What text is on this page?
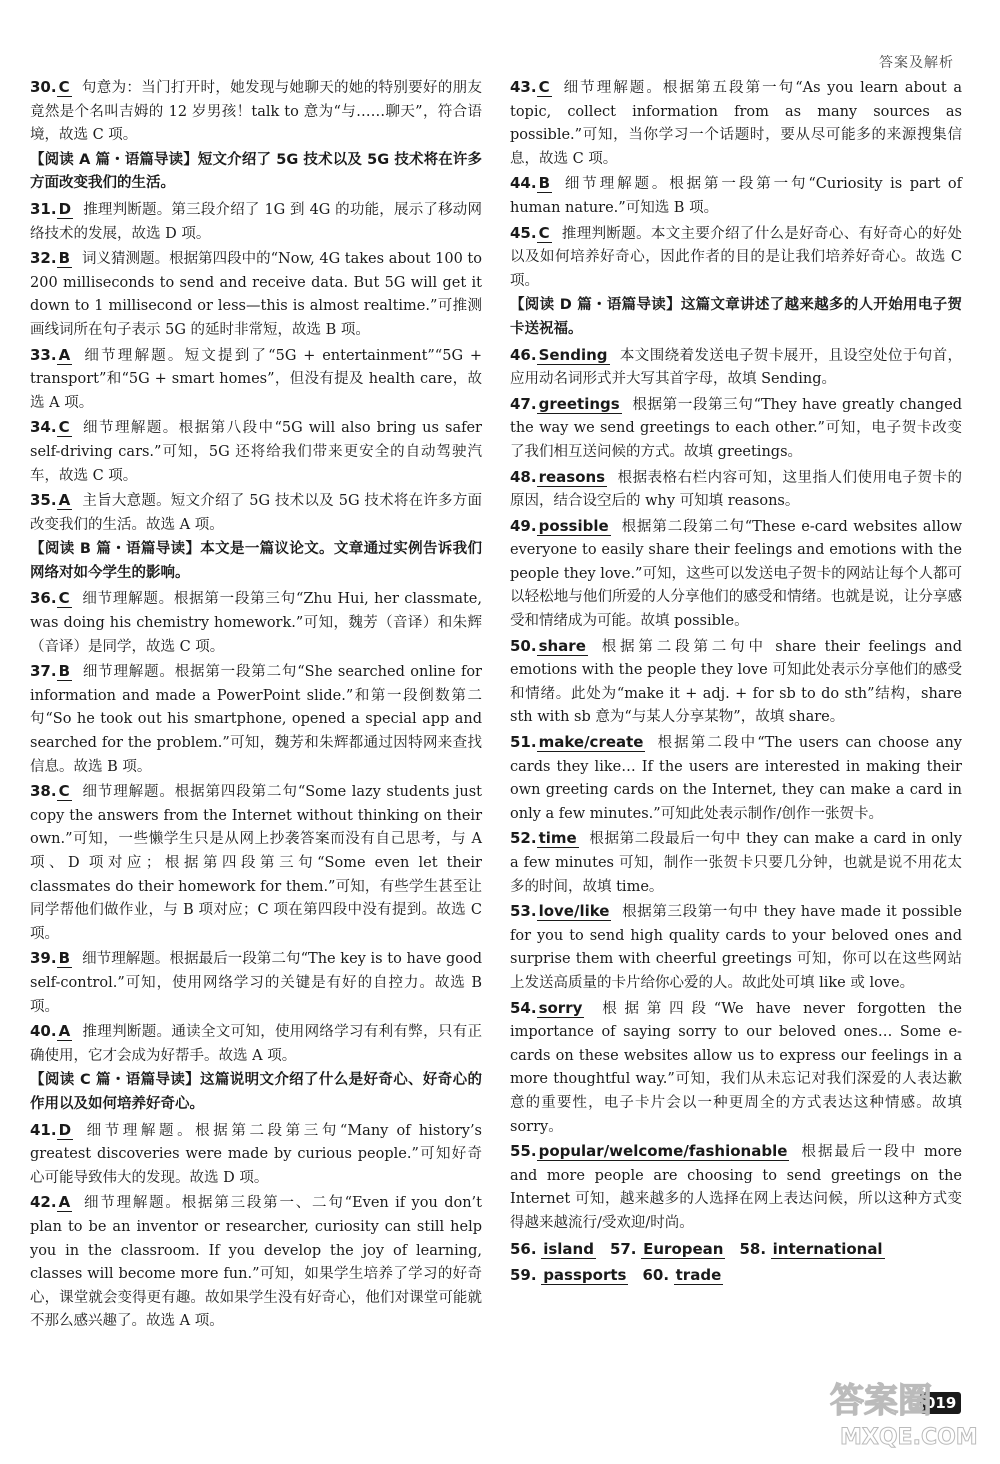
答案及解析

30. C 句意为：当门打开时，她发现与她聊天的她的特别要好的朋友竟然是个名叫吉姆的 12 岁男孩！talk to 意为“与……聊天”，符合语境，故选 C 项。

【阅读 A 篇・语篇导读】短文介绍了 5G 技术以及 5G 技术将在许多方面改变我们的生活。

31. D 推理判断题。第三段介绍了 1G 到 4G 的功能，展示了移动网络技术的发展，故选 D 项。

32. B 词义猜测题。根据第四段中的“Now, 4G takes about 100 to 200 milliseconds to send and receive data. But 5G will get it down to 1 millisecond or less—this is almost realtime.”可推测画线词所在句子表示 5G 的延时非常短，故选 B 项。

33. A 细节理解题。短文提到了“5G + entertainment”“5G + transport”和“5G + smart homes”，但没有提及 health care，故选 A 项。

34. C 细节理解题。根据第八段中“5G will also bring us safer self-driving cars.”可知，5G 还将给我们带来更安全的自动驾驶汽车，故选 C 项。

35. A 主旨大意题。短文介绍了 5G 技术以及 5G 技术将在许多方面改变我们的生活。故选 A 项。

【阅读 B 篇・语篇导读】本文是一篇议论文。文章通过实例告诉我们网络对如今学生的影响。

36. C 细节理解题。根据第一段第三句“Zhu Hui, her classmate, was doing his chemistry homework.”可知，魏芳（音译）和朱辉（音译）是同学，故选 C 项。

37. B 细节理解题。根据第一段第二句“She searched online for information and made a PowerPoint slide.”和第一段倒数第二句“So he took out his smartphone, opened a special app and searched for the problem.”可知，魏芳和朱辉都通过因特网来查找信息。故选 B 项。

38. C 细节理解题。根据第四段第二句“Some lazy students just copy the answers from the Internet without thinking on their own.”可知，一些懒学生只是从网上抄袭答案而没有自己思考，与 A 项、D 项对应；根据第四段第三句“Some even let their classmates do their homework for them.”可知，有些学生甚至让同学帮他们做作业，与 B 项对应；C 项在第四段中没有提到。故选 C 项。

39. B 细节理解题。根据最后一段第二句“The key is to have good self-control.”可知，使用网络学习的关键是有好的自控力。故选 B 项。

40. A 推理判断题。通读全文可知，使用网络学习有利有弊，只有正确使用，它才会成为好帮手。故选 A 项。

【阅读 C 篇・语篇导读】这篇说明文介绍了什么是好奇心、好奇心的作用以及如何培养好奇心。

41. D 细节理解题。根据第二段第三句“Many of history’s greatest discoveries were made by curious people.”可知好奇心可能导致伟大的发现。故选 D 项。

42. A 细节理解题。根据第三段第一、二句“Even if you don’t plan to be an inventor or researcher, curiosity can still help you in the classroom. If you develop the joy of learning, classes will become more fun.”可知，如果学生培养了学习的好奇心，课堂就会变得更有趣。故如果学生没有好奇心，他们对课堂可能就不那么感兴趣了。故选 A 项。

43. C 细节理解题。根据第五段第一句“As you learn about a topic, collect information from as many sources as possible.”可知，当你学习一个话题时，要从尽可能多的来源搜集信息，故选 C 项。

44. B 细节理解题。根据第一段第一句“Curiosity is part of human nature.”可知选 B 项。

45. C 推理判断题。本文主要介绍了什么是好奇心、有好奇心的好处以及如何培养好奇心，因此作者的目的是让我们培养好奇心。故选 C 项。

【阅读 D 篇・语篇导读】这篇文章讲述了越来越多的人开始用电子贺卡送祝福。

46. Sending 本文围绕着发送电子贺卡展开，且设空处位于句首，应用动名词形式并大写其首字母，故填 Sending。

47. greetings 根据第一段第三句“They have greatly changed the way we send greetings to each other.”可知，电子贺卡改变了我们相互送问候的方式。故填 greetings。

48. reasons 根据表格右栏内容可知，这里指人们使用电子贺卡的原因，结合设空后的 why 可知填 reasons。

49. possible 根据第二段第二句“These e-card websites allow everyone to easily share their feelings and emotions with the people they love.”可知，这些可以发送电子贺卡的网站让每个人都可以轻松地与他们所爱的人分享他们的感受和情绪。也就是说，让分享感受和情绪成为可能。故填 possible。

50. share 根据第二段第二句中 share their feelings and emotions with the people they love 可知此处表示分享他们的感受和情绪。此处为“make it + adj. + for sb to do sth”结构，share sth with sb 意为“与某人分享某物”，故填 share。

51. make/create 根据第二段中“The users can choose any cards they like… If the users are interested in making their own greeting cards on the Internet, they can make a card in only a few minutes.”可知此处表示制作/创作一张贺卡。

52. time 根据第二段最后一句中 they can make a card in only a few minutes 可知，制作一张贺卡只要几分钟，也就是说不用花太多的时间，故填 time。

53. love/like 根据第三段第一句中 they have made it possible for you to send high quality cards to your beloved ones and surprise them with cheerful greetings 可知，你可以在这些网站上发送高质量的卡片给你心爱的人。故此处可填 like 或 love。

54. sorry 根据第四段“We have never forgotten the importance of saying sorry to our beloved ones… Some e-cards on these websites allow us to express our feelings in a more thoughtful way.”可知，我们从未忘记对我们深爱的人表达歉意的重要性，电子卡片会以一种更周全的方式表达这种情感。故填 sorry。

55. popular/welcome/fashionable 根据最后一段中 more and more people are choosing to send greetings on the Internet 可知，越来越多的人选择在网上表达问候，所以这种方式变得越来越流行/受欢迎/时尚。

56. island 57. European 58. international

59. passports 60. trade

019
答案圈
MXQE.COM
